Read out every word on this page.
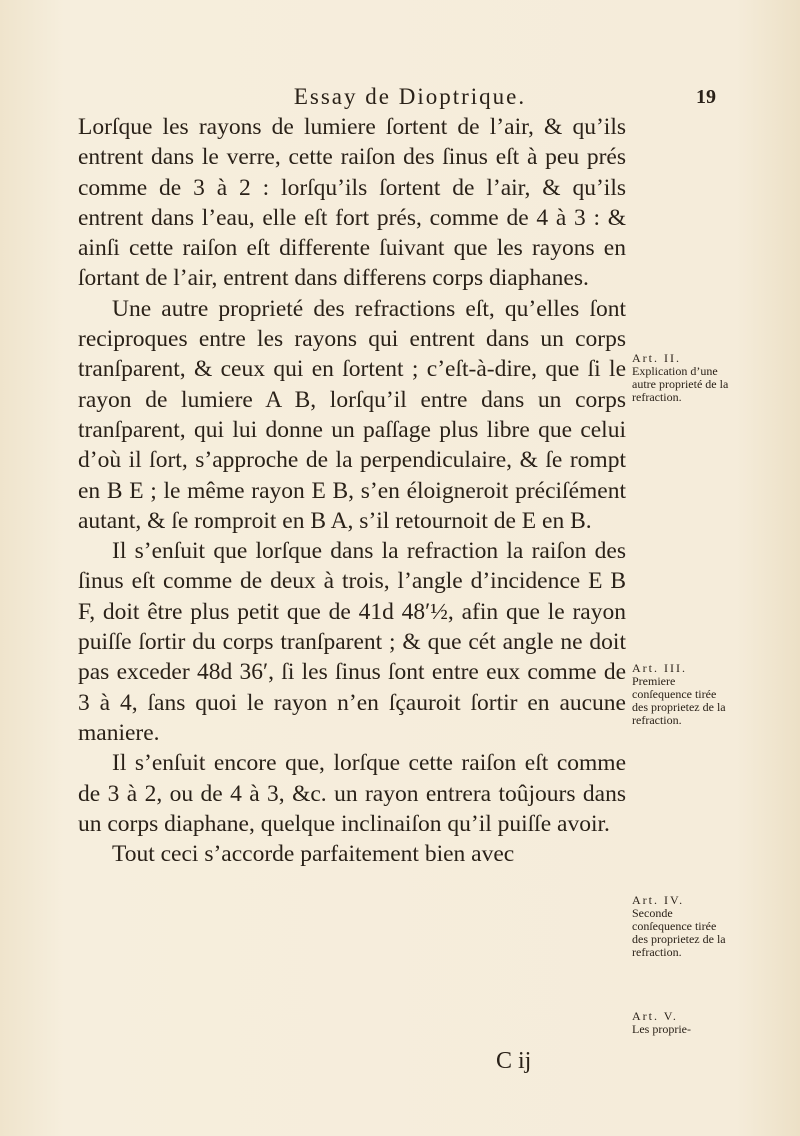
Essay de Dioptrique.	19

Lorſque les rayons de lumiere ſortent de l’air, & qu’ils entrent dans le verre, cette raiſon des ſinus eſt à peu prés comme de 3 à 2 : lorſqu’ils ſortent de l’air, & qu’ils entrent dans l’eau, elle eſt fort prés, comme de 4 à 3 : & ainſi cette raiſon eſt differente ſuivant que les rayons en ſortant de l’air, entrent dans differens corps diaphanes.

Une autre proprieté des refractions eſt, qu’elles ſont reciproques entre les rayons qui entrent dans un corps tranſparent, & ceux qui en ſortent ; c’eſt-à-dire, que ſi le rayon de lumiere A B, lorſqu’il entre dans un corps tranſparent, qui lui donne un paſſage plus libre que celui d’où il ſort, s’approche de la perpendiculaire, & ſe rompt en B E ; le même rayon E B, s’en éloigneroit préciſément autant, & ſe romproit en B A, s’il retournoit de E en B.

Il s’enſuit que lorſque dans la refraction la raiſon des ſinus eſt comme de deux à trois, l’angle d’incidence E B F, doit être plus petit que de 41d 48′½, afin que le rayon puiſſe ſortir du corps tranſparent ; & que cét angle ne doit pas exceder 48d 36′, ſi les ſinus ſont entre eux comme de 3 à 4, ſans quoi le rayon n’en ſçauroit ſortir en aucune maniere.

Il s’enſuit encore que, lorſque cette raiſon eſt comme de 3 à 2, ou de 4 à 3, &c. un rayon entrera toûjours dans un corps diaphane, quelque inclinaiſon qu’il puiſſe avoir.

Tout ceci s’accorde parfaitement bien avec

Art. II.
Explication d’une autre proprieté de la refraction.
Art. III.
Premiere conſequence tirée des proprietez de la refraction.
Art. IV.
Seconde conſequence tirée des proprietez de la refraction.
Art. V.
Les proprie-
C ij
